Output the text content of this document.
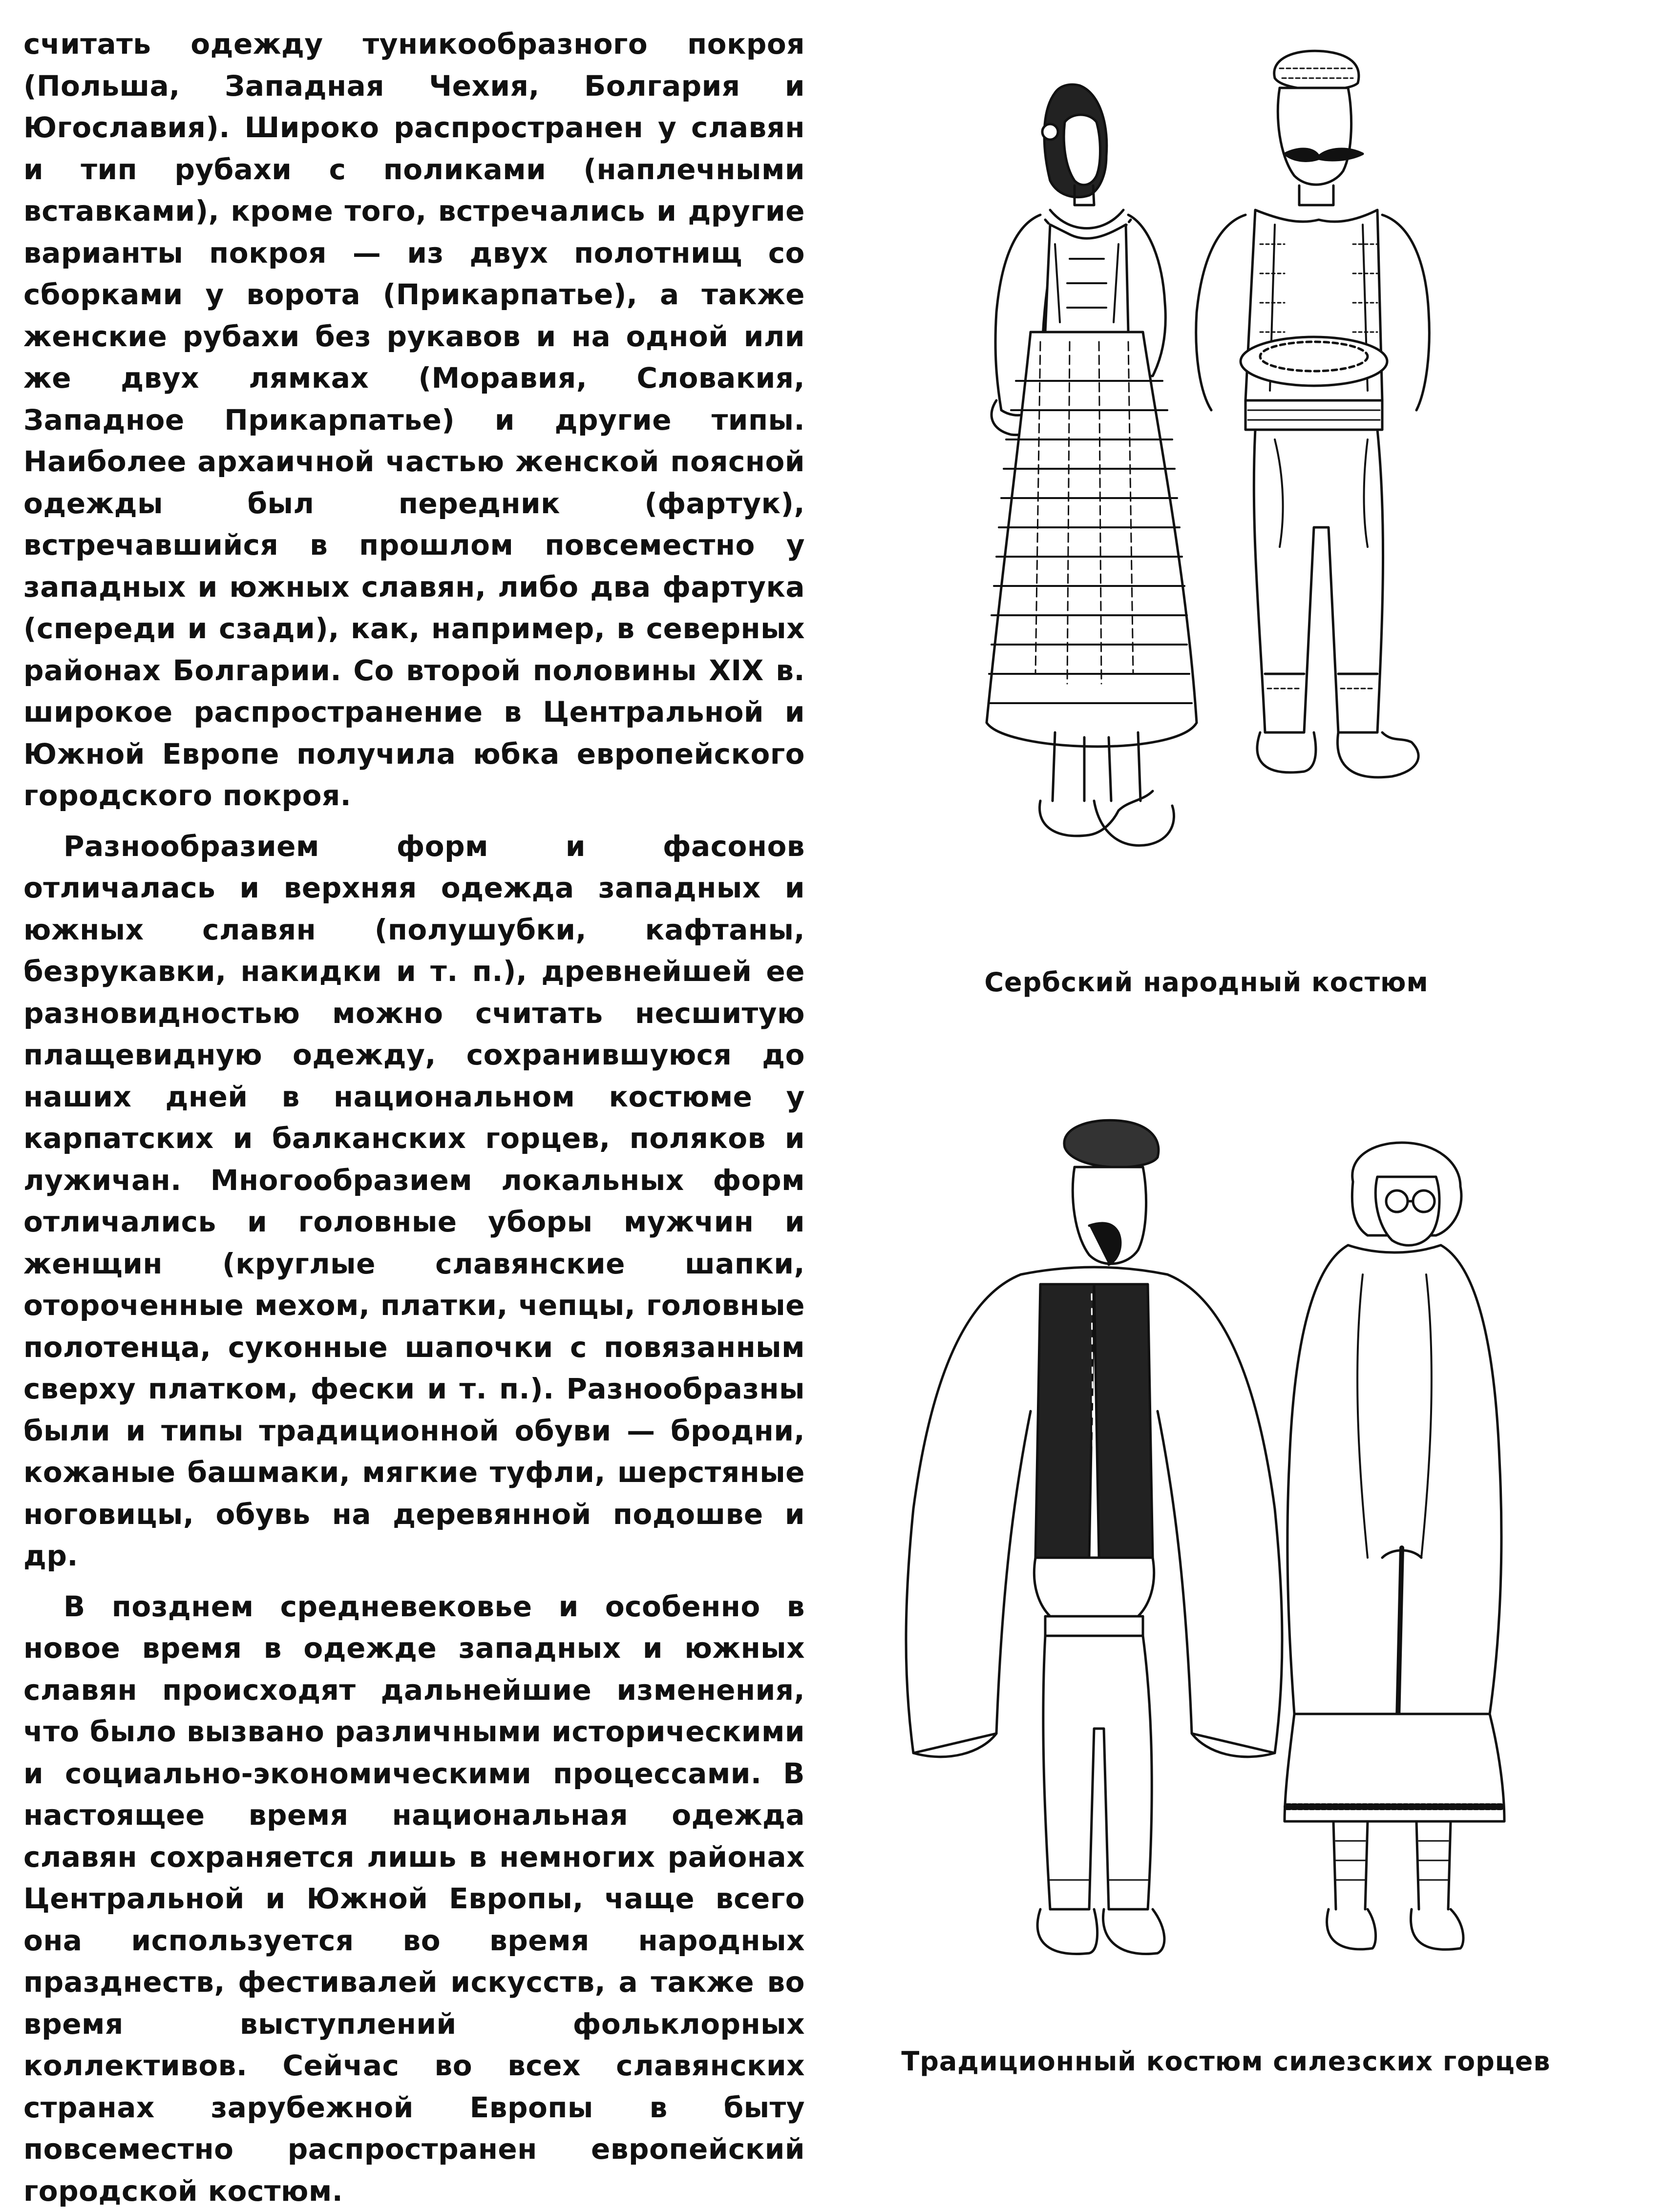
считать одежду туникообразного покроя (Польша, Западная Чехия, Болгария и Югославия). Широко распространен у славян и тип рубахи с поликами (наплечными вставками), кроме того, встречались и другие варианты покроя — из двух полотнищ со сборками у ворота (Прикарпатье), а также женские рубахи без рукавов и на одной или же двух лямках (Моравия, Словакия, Западное Прикарпатье) и другие типы. Наиболее архаичной частью женской поясной одежды был передник (фартук), встречавшийся в прошлом повсеместно у западных и южных славян, либо два фартука (спереди и сзади), как, например, в северных районах Болгарии. Со второй половины XIX в. широкое распространение в Центральной и Южной Европе получила юбка европейского городского покроя.

Разнообразием форм и фасонов отличалась и верхняя одежда западных и южных славян (полушубки, кафтаны, безрукавки, накидки и т. п.), древнейшей ее разновидностью можно считать несшитую плащевидную одежду, сохранившуюся до наших дней в национальном костюме у карпатских и балканских горцев, поляков и лужичан. Многообразием локальных форм отличались и головные уборы мужчин и женщин (круглые славянские шапки, отороченные мехом, платки, чепцы, головные полотенца, суконные шапочки с повязанным сверху платком, фески и т. п.). Разнообразны были и типы традиционной обуви — бродни, кожаные башмаки, мягкие туфли, шерстяные ноговицы, обувь на деревянной подошве и др.

В позднем средневековье и особенно в новое время в одежде западных и южных славян происходят дальнейшие изменения, что было вызвано различными историческими и социально-экономическими процессами. В настоящее время национальная одежда славян сохраняется лишь в немногих районах Центральной и Южной Европы, чаще всего она используется во время народных празднеств, фестивалей искусств, а также во время выступлений фольклорных коллективов. Сейчас во всех славянских странах зарубежной Европы в быту повсеместно распространен европейский городской костюм.

Сербский народный костюм
Традиционный костюм силезских горцев
